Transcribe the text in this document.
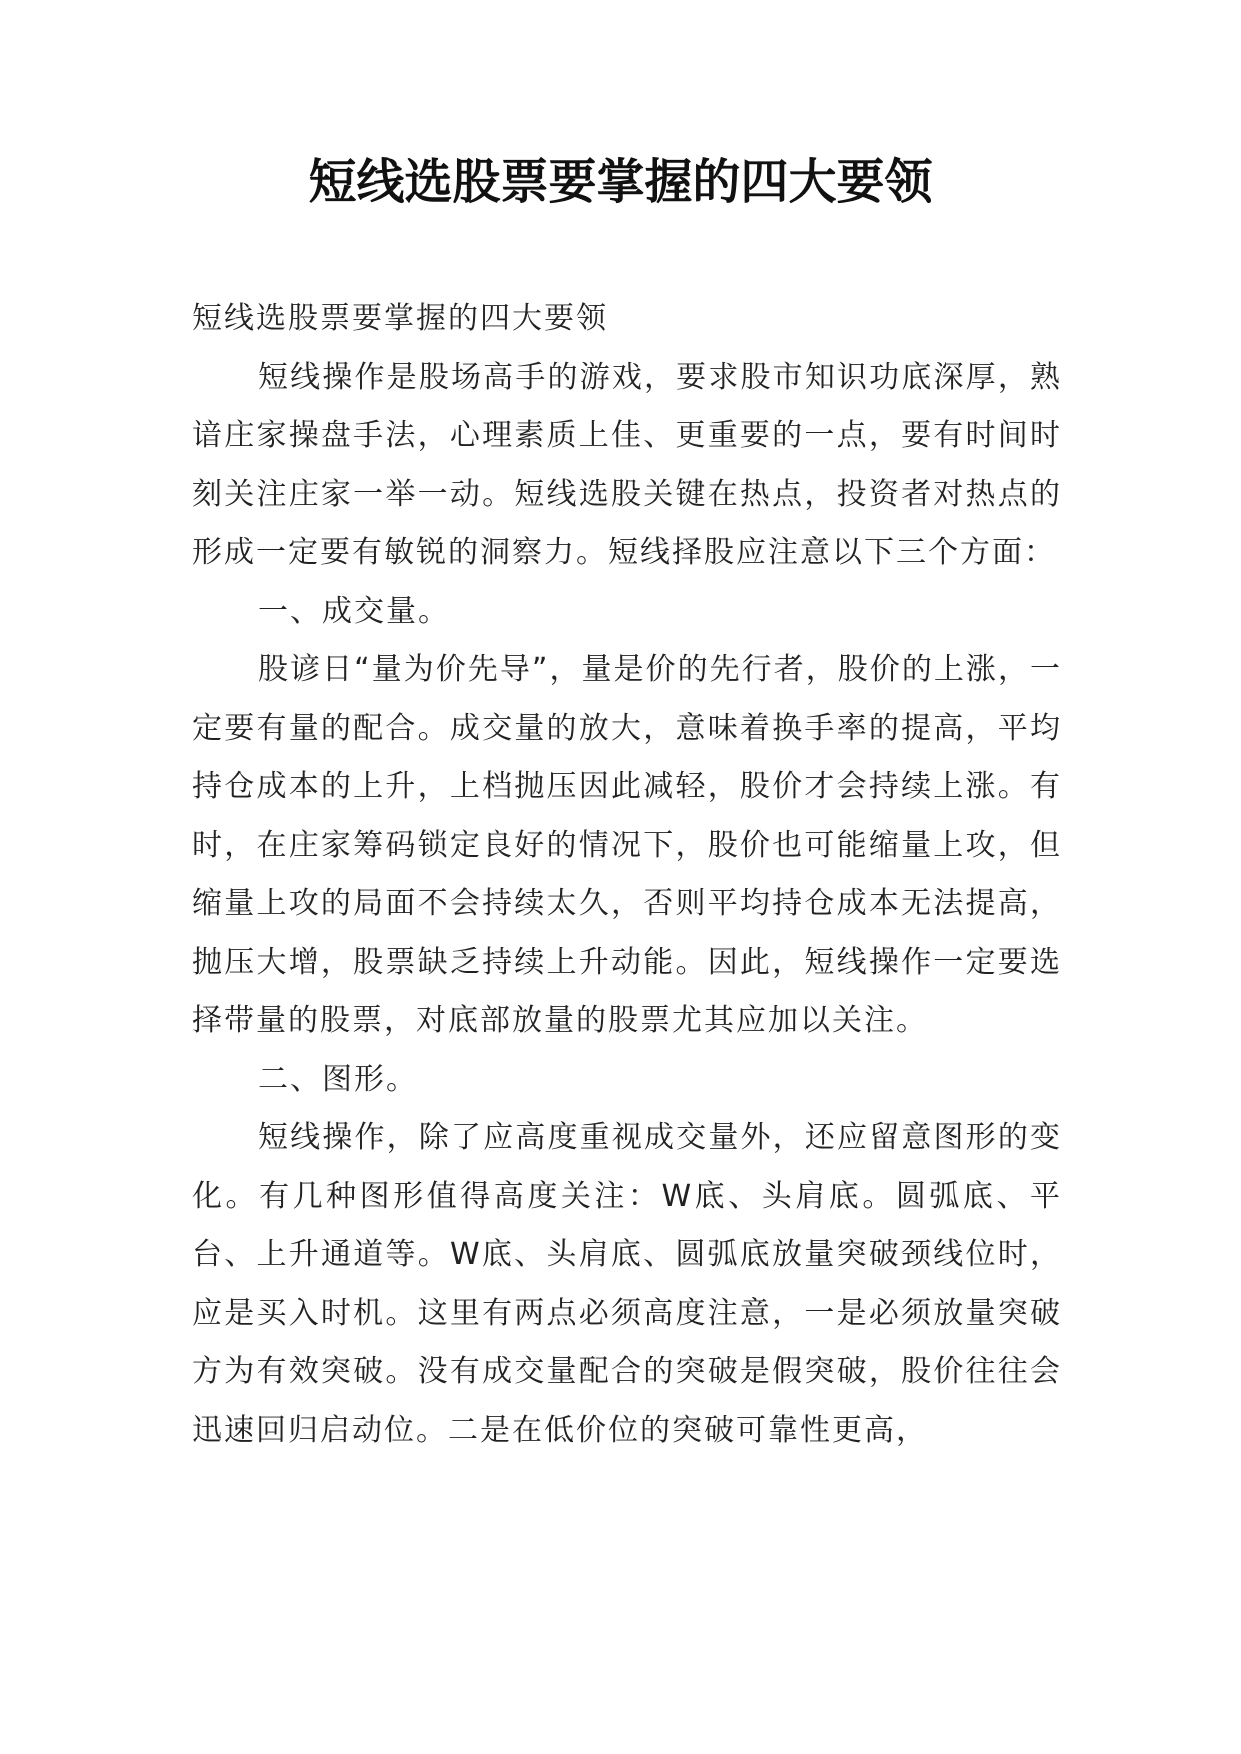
短线选股票要掌握的四大要领

短线选股票要掌握的四大要领

短线操作是股场高手的游戏，要求股市知识功底深厚，熟谙庄家操盘手法，心理素质上佳、更重要的一点，要有时间时刻关注庄家一举一动。短线选股关键在热点，投资者对热点的形成一定要有敏锐的洞察力。短线择股应注意以下三个方面：

一、成交量。

股谚日“量为价先导”，量是价的先行者，股价的上涨，一定要有量的配合。成交量的放大，意味着换手率的提高，平均持仓成本的上升，上档抛压因此减轻，股价才会持续上涨。有时，在庄家筹码锁定良好的情况下，股价也可能缩量上攻，但缩量上攻的局面不会持续太久，否则平均持仓成本无法提高，抛压大增，股票缺乏持续上升动能。因此，短线操作一定要选择带量的股票，对底部放量的股票尤其应加以关注。

二、图形。

短线操作，除了应高度重视成交量外，还应留意图形的变化。有几种图形值得高度关注：W底、头肩底。圆弧底、平台、上升通道等。W底、头肩底、圆弧底放量突破颈线位时，应是买入时机。这里有两点必须高度注意，一是必须放量突破方为有效突破。没有成交量配合的突破是假突破，股价往往会迅速回归启动位。二是在低价位的突破可靠性更高，
